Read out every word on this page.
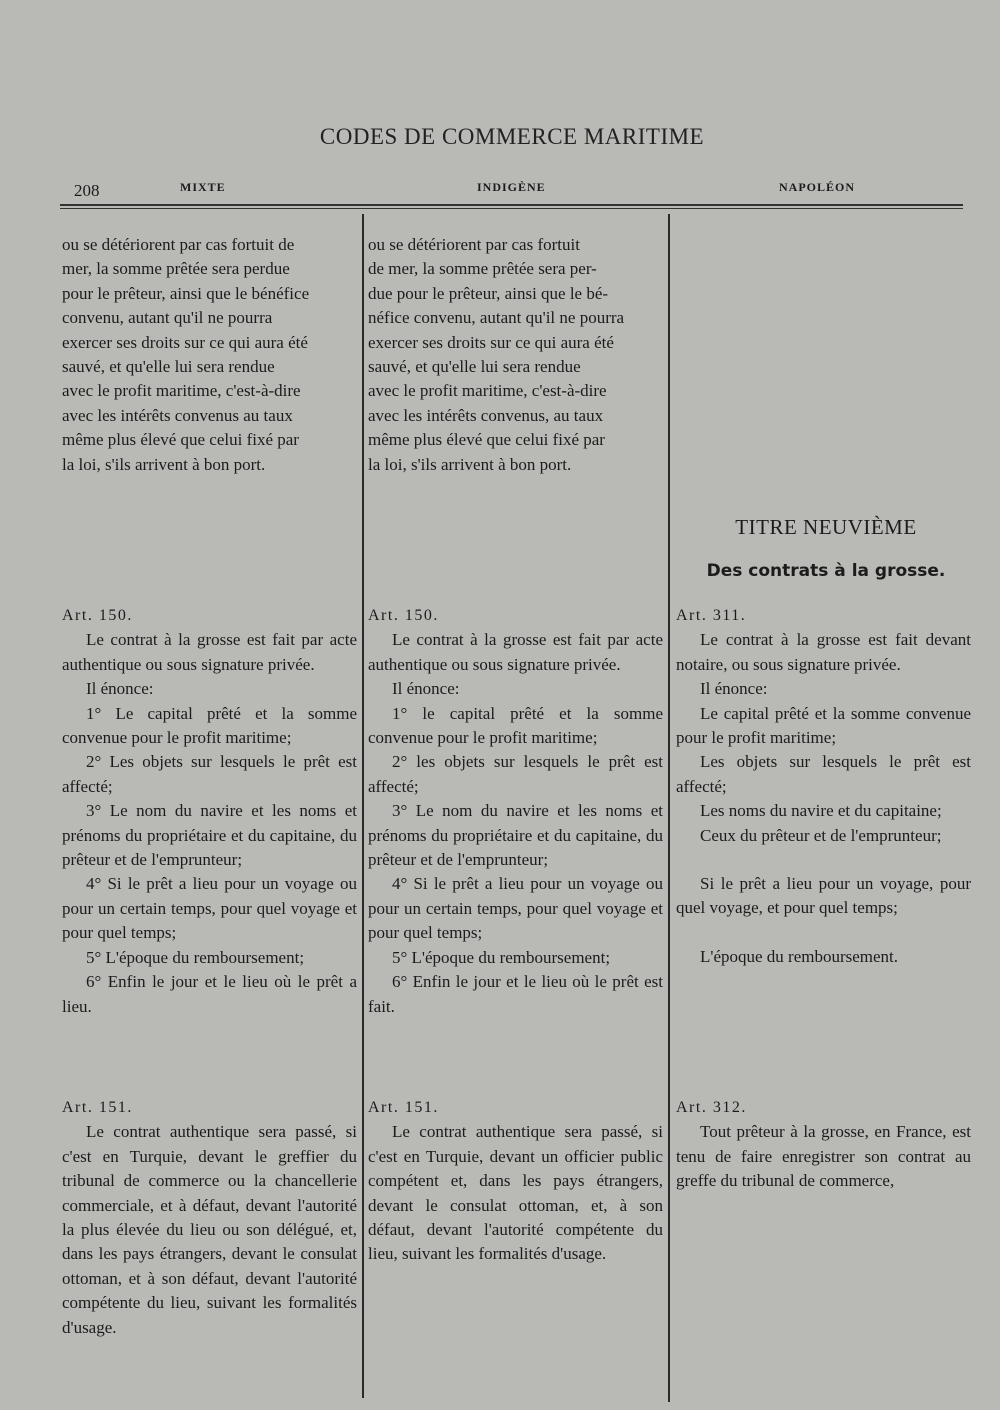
CODES DE COMMERCE MARITIME
208	MIXTE	INDIGÈNE	NAPOLÉON

ou se détériorent par cas fortuit de

mer, la somme prêtée sera perdue

pour le prêteur, ainsi que le bénéfice

convenu, autant qu'il ne pourra

exercer ses droits sur ce qui aura été

sauvé, et qu'elle lui sera rendue

avec le profit maritime, c'est-à-dire

avec les intérêts convenus au taux

même plus élevé que celui fixé par

la loi, s'ils arrivent à bon port.

Art. 150.

Le contrat à la grosse est fait par acte authentique ou sous signature privée.

Il énonce:

1° Le capital prêté et la somme convenue pour le profit maritime;

2° Les objets sur lesquels le prêt est affecté;

3° Le nom du navire et les noms et prénoms du propriétaire et du capitaine, du prêteur et de l'emprunteur;

4° Si le prêt a lieu pour un voyage ou pour un certain temps, pour quel voyage et pour quel temps;

5° L'époque du remboursement;

6° Enfin le jour et le lieu où le prêt a lieu.

Art. 151.

Le contrat authentique sera passé, si c'est en Turquie, devant le greffier du tribunal de commerce ou la chancellerie commerciale, et à défaut, devant l'autorité la plus élevée du lieu ou son délégué, et, dans les pays étrangers, devant le consulat ottoman, et à son défaut, devant l'autorité compétente du lieu, suivant les formalités d'usage.

ou se détériorent par cas fortuit

de mer, la somme prêtée sera per-

due pour le prêteur, ainsi que le bé-

néfice convenu, autant qu'il ne pourra

exercer ses droits sur ce qui aura été

sauvé, et qu'elle lui sera rendue

avec le profit maritime, c'est-à-dire

avec les intérêts convenus, au taux

même plus élevé que celui fixé par

la loi, s'ils arrivent à bon port.

Art. 150.

Le contrat à la grosse est fait par acte authentique ou sous signature privée.

Il énonce:

1° le capital prêté et la somme convenue pour le profit maritime;

2° les objets sur lesquels le prêt est affecté;

3° Le nom du navire et les noms et prénoms du propriétaire et du capitaine, du prêteur et de l'emprunteur;

4° Si le prêt a lieu pour un voyage ou pour un certain temps, pour quel voyage et pour quel temps;

5° L'époque du remboursement;

6° Enfin le jour et le lieu où le prêt est fait.

Art. 151.

Le contrat authentique sera passé, si c'est en Turquie, devant un officier public compétent et, dans les pays étrangers, devant le consulat ottoman, et, à son défaut, devant l'autorité compétente du lieu, suivant les formalités d'usage.

TITRE NEUVIÈME
Des contrats à la grosse.

Art. 311.

Le contrat à la grosse est fait devant notaire, ou sous signature privée.

Il énonce:

Le capital prêté et la somme convenue pour le profit maritime;

Les objets sur lesquels le prêt est affecté;

Les noms du navire et du capitaine;

Ceux du prêteur et de l'emprunteur;

Si le prêt a lieu pour un voyage, pour quel voyage, et pour quel temps;

L'époque du remboursement.

Art. 312.

Tout prêteur à la grosse, en France, est tenu de faire enregistrer son contrat au greffe du tribunal de commerce,
